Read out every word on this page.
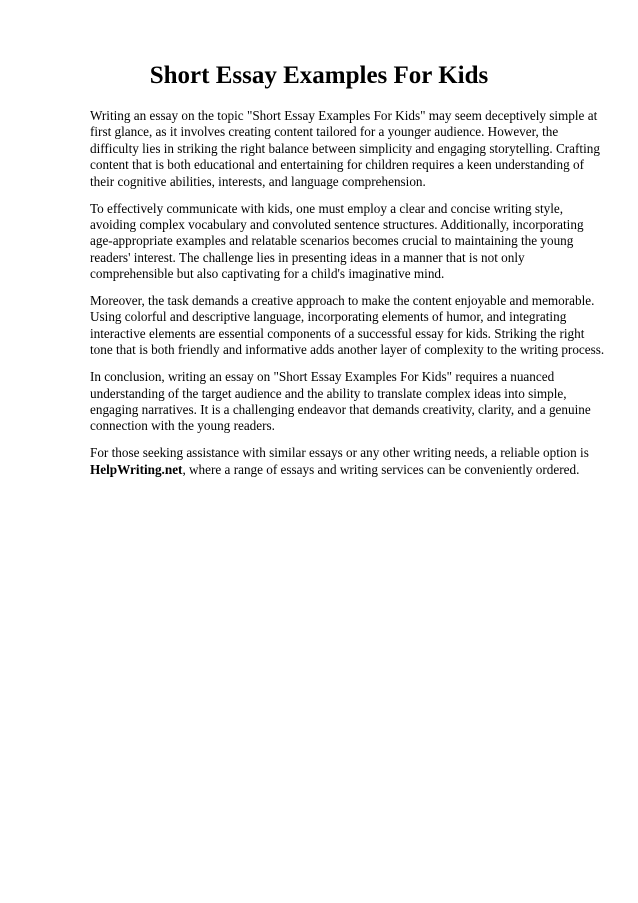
Short Essay Examples For Kids

Writing an essay on the topic "Short Essay Examples For Kids" may seem deceptively simple at
first glance, as it involves creating content tailored for a younger audience. However, the
difficulty lies in striking the right balance between simplicity and engaging storytelling. Crafting
content that is both educational and entertaining for children requires a keen understanding of
their cognitive abilities, interests, and language comprehension.

To effectively communicate with kids, one must employ a clear and concise writing style,
avoiding complex vocabulary and convoluted sentence structures. Additionally, incorporating
age-appropriate examples and relatable scenarios becomes crucial to maintaining the young
readers' interest. The challenge lies in presenting ideas in a manner that is not only
comprehensible but also captivating for a child's imaginative mind.

Moreover, the task demands a creative approach to make the content enjoyable and memorable.
Using colorful and descriptive language, incorporating elements of humor, and integrating
interactive elements are essential components of a successful essay for kids. Striking the right
tone that is both friendly and informative adds another layer of complexity to the writing process.

In conclusion, writing an essay on "Short Essay Examples For Kids" requires a nuanced
understanding of the target audience and the ability to translate complex ideas into simple,
engaging narratives. It is a challenging endeavor that demands creativity, clarity, and a genuine
connection with the young readers.

For those seeking assistance with similar essays or any other writing needs, a reliable option is
HelpWriting.net, where a range of essays and writing services can be conveniently ordered.
